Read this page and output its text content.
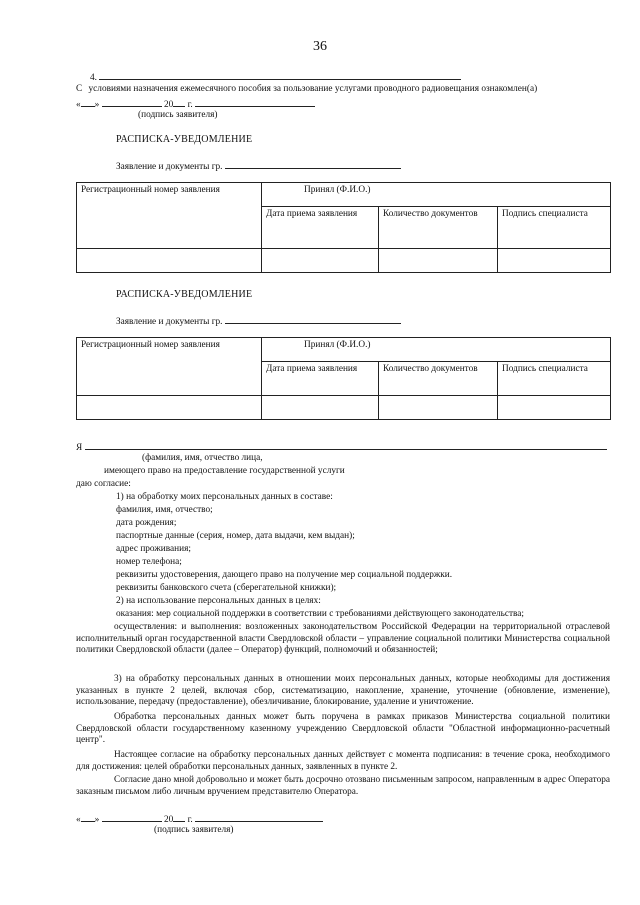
36
4.
С условиями назначения ежемесячного пособия за пользование услугами проводного радиовещания ознакомлен(а)
« »	20 г.
(подпись заявителя)
РАСПИСКА-УВЕДОМЛЕНИЕ
Заявление и документы гр.
Регистрационный номер заявления	Принял (Ф.И.О.)		
	Дата приема заявления	Количество документов	Подпись специалиста

РАСПИСКА-УВЕДОМЛЕНИЕ
Заявление и документы гр.
Регистрационный номер заявления	Принял (Ф.И.О.)		
	Дата приема заявления	Количество документов	Подпись специалиста

Я
(фамилия, имя, отчество лица,
имеющего право на предоставление государственной услуги
даю согласие:
1) на обработку моих персональных данных в составе:
фамилия, имя, отчество;
дата рождения;
паспортные данные (серия, номер, дата выдачи, кем выдан);
адрес проживания;
номер телефона;
реквизиты удостоверения, дающего право на получение мер социальной поддержки.
реквизиты банковского счета (сберегательной книжки);
2) на использование персональных данных в целях:
оказания: мер социальной поддержки в соответствии с требованиями действующего законодательства;
осуществления: и выполнения: возложенных законодательством Российской Федерации на территориальной отраслевой исполнительный орган государственной власти Свердловской области – управление социальной политики Министерства социальной политики Свердловской области (далее – Оператор) функций, полномочий и обязанностей;
3) на обработку персональных данных в отношении моих персональных данных, которые необходимы для достижения указанных в пункте 2 целей, включая сбор, систематизацию, накопление, хранение, уточнение (обновление, изменение), использование, передачу (предоставление), обезличивание, блокирование, удаление и уничтожение.
Обработка персональных данных может быть поручена в рамках приказов Министерства социальной политики Свердловской области государственному казенному учреждению Свердловской области "Областной информационно-расчетный центр".
Настоящее согласие на обработку персональных данных действует с момента подписания: в течение срока, необходимого для достижения: целей обработки персональных данных, заявленных в пункте 2.
Согласие дано мной добровольно и может быть досрочно отозвано письменным запросом, направленным в адрес Оператора заказным письмом либо личным вручением представителю Оператора.
« »	20 г.
(подпись заявителя)
